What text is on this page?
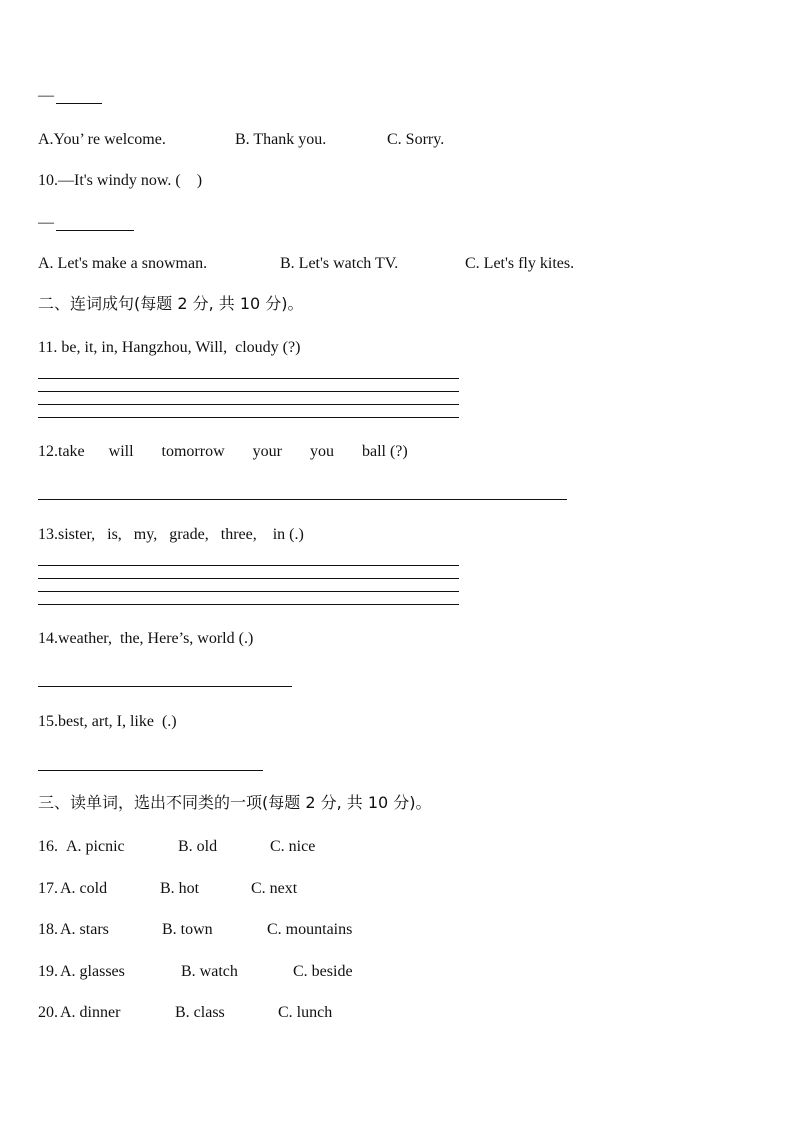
—
A.You’ re welcome.	B. Thank you.	C. Sorry.
10.—It's windy now. (    )
—
A. Let's make a snowman.	B. Let's watch TV.	C. Let's fly kites.
二、连词成句(每题 2 分, 共 10 分)。
11. be, it, in, Hangzhou, Will,  cloudy (?)
12.take      will       tomorrow       your       you       ball (?)
13.sister,   is,   my,   grade,   three,    in (.)
14.weather,  the, Here’s, world (.)
15.best, art, I, like  (.)
三、读单词，选出不同类的一项(每题 2 分, 共 10 分)。
16. A. picnic	B. old	C. nice
17. A. cold	B. hot	C. next
18. A. stars	B. town	C. mountains
19. A. glasses	B. watch	C. beside
20. A. dinner	B. class	C. lunch
